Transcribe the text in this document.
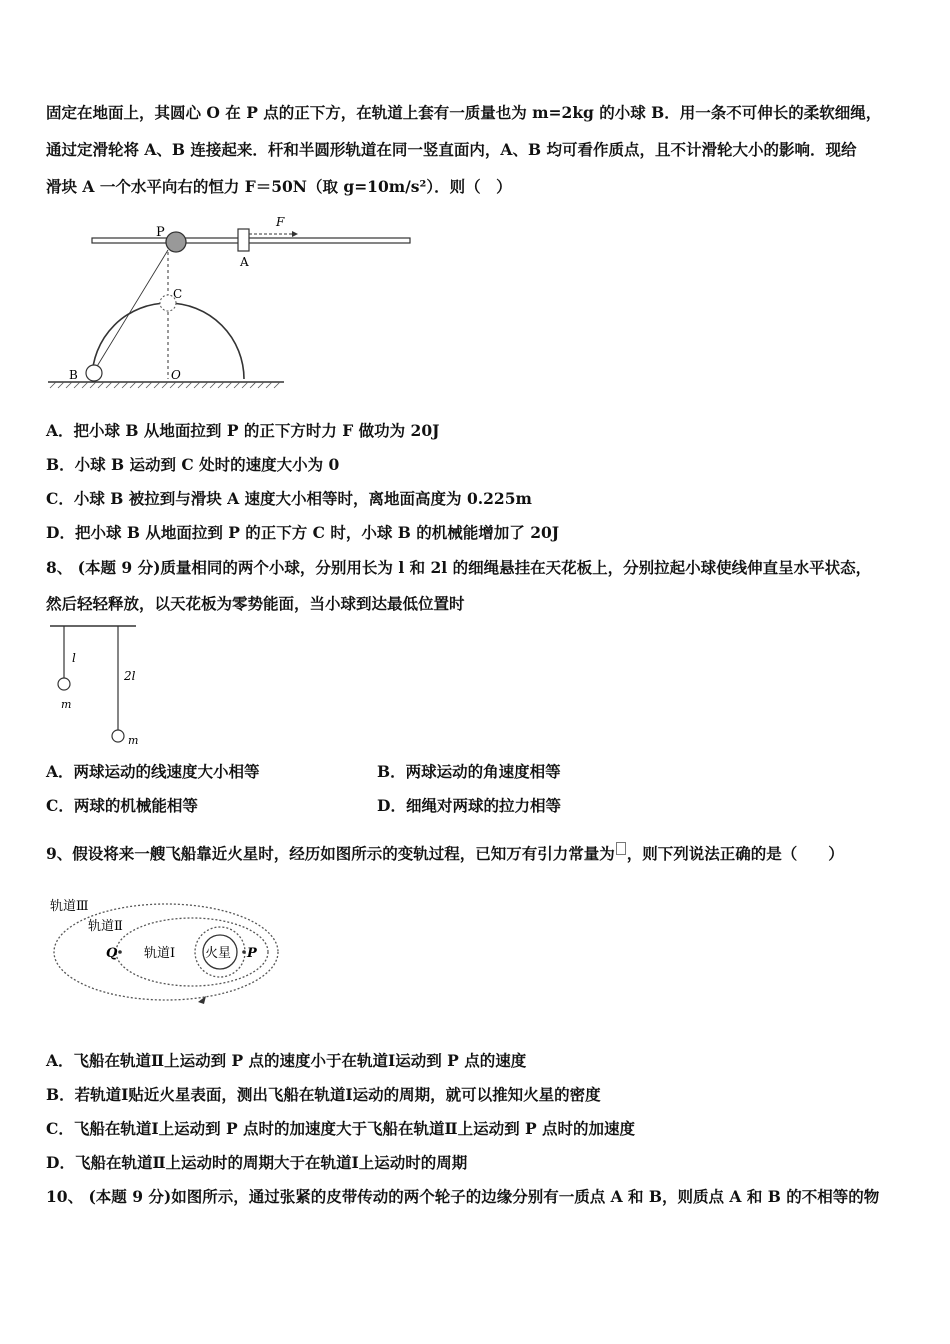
固定在地面上，其圆心 O 在 P 点的正下方，在轨道上套有一质量也为 m=2kg 的小球 B．用一条不可伸长的柔软细绳，
通过定滑轮将 A、B 连接起来．杆和半圆形轨道在同一竖直面内，A、B 均可看作质点，且不计滑轮大小的影响．现给
滑块 A 一个水平向右的恒力 F＝50N（取 g=10m/s²）．则（　）
P
A
F
C
B	O
A．把小球 B 从地面拉到 P 的正下方时力 F 做功为 20J
B．小球 B 运动到 C 处时的速度大小为 0
C．小球 B 被拉到与滑块 A 速度大小相等时，离地面高度为 0.225m
D．把小球 B 从地面拉到 P 的正下方 C 时，小球 B 的机械能增加了 20J
8、 (本题 9 分)质量相同的两个小球，分别用长为 l 和 2l 的细绳悬挂在天花板上，分别拉起小球使线伸直呈水平状态，
然后轻轻释放，以天花板为零势能面，当小球到达最低位置时
l
m
2l
m
A．两球运动的线速度大小相等	B．两球运动的角速度相等
C．两球的机械能相等	D．细绳对两球的拉力相等
9、假设将来一艘飞船靠近火星时，经历如图所示的变轨过程，已知万有引力常量为 ，则下列说法正确的是（　　）
火星
轨道Ⅲ
轨道Ⅱ
轨道Ⅰ
Q	P
A．飞船在轨道Ⅱ上运动到 P 点的速度小于在轨道Ⅰ运动到 P 点的速度
B．若轨道Ⅰ贴近火星表面，测出飞船在轨道Ⅰ运动的周期，就可以推知火星的密度
C．飞船在轨道Ⅰ上运动到 P 点时的加速度大于飞船在轨道Ⅱ上运动到 P 点时的加速度
D．飞船在轨道Ⅱ上运动时的周期大于在轨道Ⅰ上运动时的周期
10、 (本题 9 分)如图所示，通过张紧的皮带传动的两个轮子的边缘分别有一质点 A 和 B，则质点 A 和 B 的不相等的物
